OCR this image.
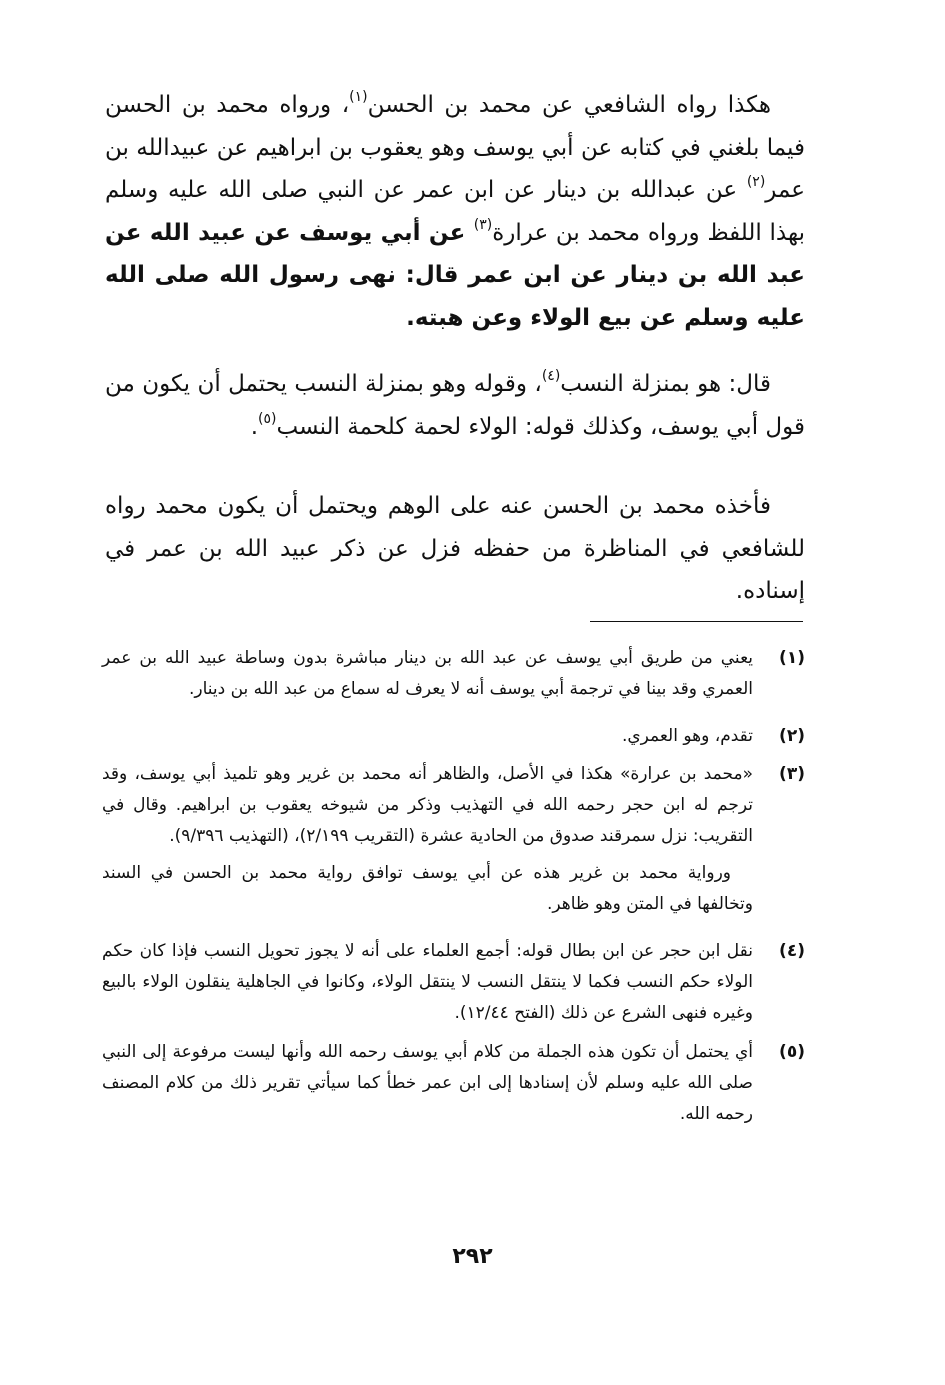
هكذا رواه الشافعي عن محمد بن الحسن$^{(١)}$، ورواه محمد بن الحسن فيما بلغني في كتابه عن أبي يوسف وهو يعقوب بن ابراهيم عن عبيدالله بن عمر$^{(٢)}$ عن عبدالله بن دينار عن ابن عمر عن النبي صلى الله عليه وسلم بهذا اللفظ ورواه محمد بن عرارة$^{(٣)}$ عن أبي يوسف عن عبيد الله عن عبد الله بن دينار عن ابن عمر قال: نهى رسول الله صلى الله عليه وسلم عن بيع الولاء وعن هبته.

قال: هو بمنزلة النسب$^{(٤)}$، وقوله وهو بمنزلة النسب يحتمل أن يكون من قول أبي يوسف، وكذلك قوله: الولاء لحمة كلحمة النسب$^{(٥)}$.

فأخذه محمد بن الحسن عنه على الوهم ويحتمل أن يكون محمد رواه للشافعي في المناظرة من حفظه فزل عن ذكر عبيد الله بن عمر في إسناده.

(١)

يعني من طريق أبي يوسف عن عبد الله بن دينار مباشرة بدون وساطة عبيد الله بن عمر العمري وقد بينا في ترجمة أبي يوسف أنه لا يعرف له سماع من عبد الله بن دينار.

(٢)

تقدم، وهو العمري.

(٣)

«محمد بن عرارة» هكذا في الأصل، والظاهر أنه محمد بن غرير وهو تلميذ أبي يوسف، وقد ترجم له ابن حجر رحمه الله في التهذيب وذكر من شيوخه يعقوب بن ابراهيم. وقال في التقريب: نزل سمرقند صدوق من الحادية عشرة (التقريب ٢/١٩٩)، (التهذيب ٩/٣٩٦).

ورواية محمد بن غرير هذه عن أبي يوسف توافق رواية محمد بن الحسن في السند وتخالفها في المتن وهو ظاهر.

(٤)

نقل ابن حجر عن ابن بطال قوله: أجمع العلماء على أنه لا يجوز تحويل النسب فإذا كان حكم الولاء حكم النسب فكما لا ينتقل النسب لا ينتقل الولاء، وكانوا في الجاهلية ينقلون الولاء بالبيع وغيره فنهى الشرع عن ذلك (الفتح ١٢/٤٤).

(٥)

أي يحتمل أن تكون هذه الجملة من كلام أبي يوسف رحمه الله وأنها ليست مرفوعة إلى النبي صلى الله عليه وسلم لأن إسنادها إلى ابن عمر خطأ كما سيأتي تقرير ذلك من كلام المصنف رحمه الله.

٢٩٢
